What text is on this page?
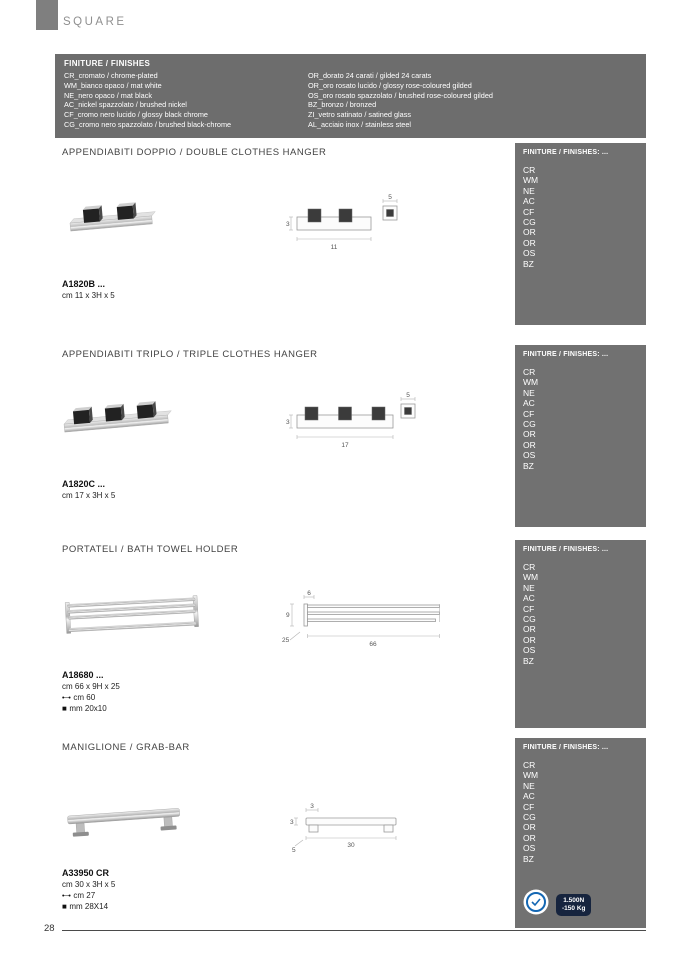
SQUARE
FINITURE / FINISHES
CR_cromato / chrome-plated
WM_bianco opaco / mat white
NE_nero opaco / mat black
AC_nickel spazzolato / brushed nickel
CF_cromo nero lucido / glossy black chrome
CG_cromo nero spazzolato / brushed black-chrome
OR_dorato 24 carati / gilded 24 carats
OR_oro rosato lucido / glossy rose-coloured gilded
OS_oro rosato spazzolato / brushed rose-coloured gilded
BZ_bronzo / bronzed
ZI_vetro satinato / satined glass
AL_acciaio inox / stainless steel
APPENDIABITI DOPPIO / DOUBLE CLOTHES HANGER
5
3
11
A1820B ...
cm 11 x 3H x 5
FINITURE / FINISHES: ...
CR
WM
NE
AC
CF
CG
OR
OR
OS
BZ
APPENDIABITI TRIPLO / TRIPLE CLOTHES HANGER
5
3
17
A1820C ...
cm 17 x 3H x 5
FINITURE / FINISHES: ...
CR
WM
NE
AC
CF
CG
OR
OR
OS
BZ
PORTATELI / BATH TOWEL HOLDER
6
9
25
66
A18680 ...
cm 66 x 9H x 25
•─• cm 60
■ mm 20x10
FINITURE / FINISHES: ...
CR
WM
NE
AC
CF
CG
OR
OR
OS
BZ
MANIGLIONE / GRAB-BAR
3
3
30
5
A33950 CR
cm 30 x 3H x 5
•─• cm 27
■ mm 28X14
FINITURE / FINISHES: ...
CR
WM
NE
AC
CF
CG
OR
OR
OS
BZ
1.500N
-150 Kg
28
